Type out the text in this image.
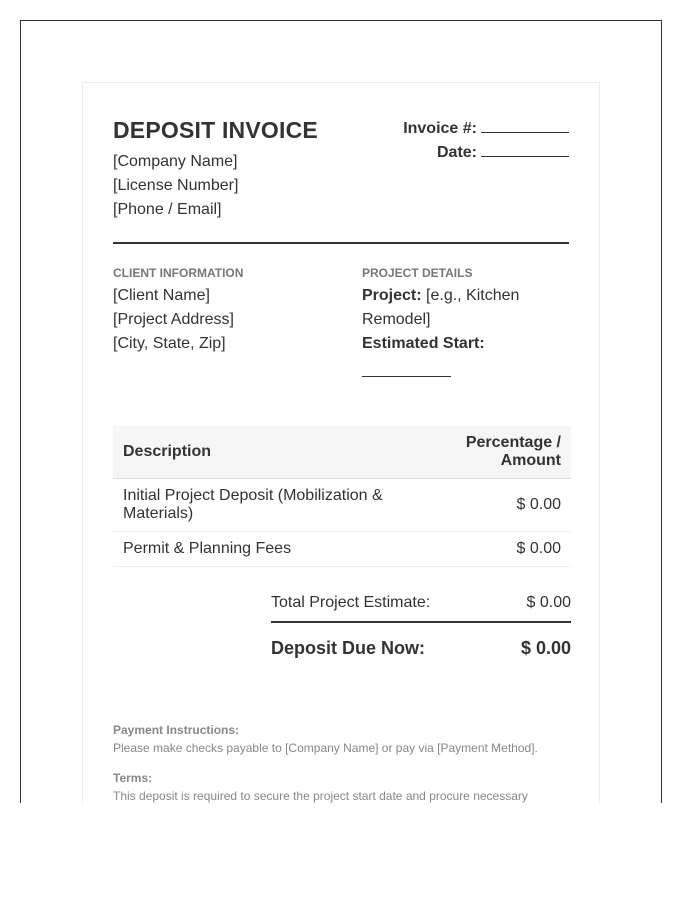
DEPOSIT INVOICE
[Company Name]
[License Number]
[Phone / Email]
Invoice #:
Date:
CLIENT INFORMATION
[Client Name]
[Project Address]
[City, State, Zip]
PROJECT DETAILS
Project: [e.g., Kitchen Remodel]
Estimated Start:
Description	Percentage / Amount
Initial Project Deposit (Mobilization & Materials)	$ 0.00
Permit & Planning Fees	$ 0.00
Total Project Estimate:	$ 0.00
Deposit Due Now:	$ 0.00
Payment Instructions:
Please make checks payable to [Company Name] or pay via [Payment Method].
Terms:
This deposit is required to secure the project start date and procure necessary
